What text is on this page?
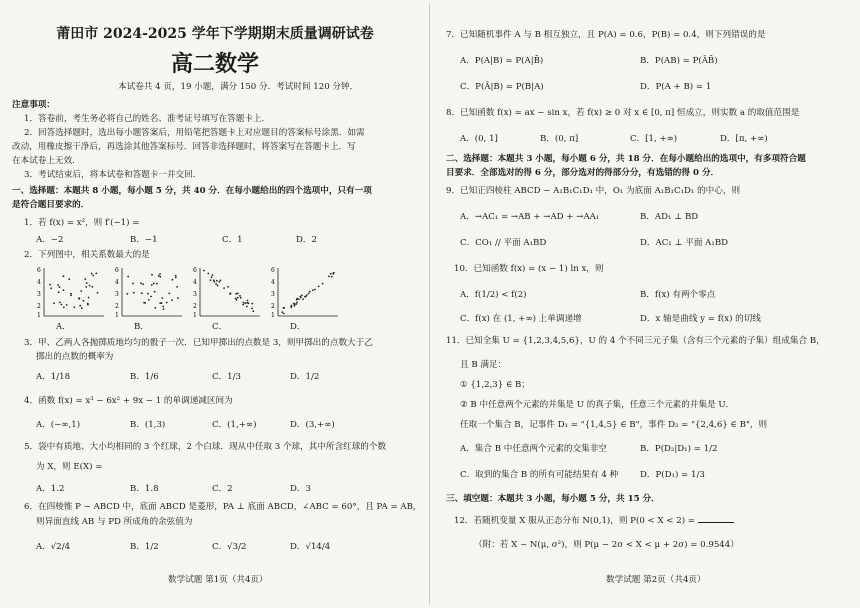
莆田市 2024-2025 学年下学期期末质量调研试卷
高二数学
本试卷共 4 页，19 小题，满分 150 分．考试时间 120 分钟．
注意事项：
1．答卷前，考生务必将自己的姓名、准考证号填写在答题卡上．
2．回答选择题时，选出每小题答案后，用铅笔把答题卡上对应题目的答案标号涂黑．如需
改动，用橡皮擦干净后，再选涂其他答案标号．回答非选择题时，将答案写在答题卡上．写
在本试卷上无效．
3．考试结束后，将本试卷和答题卡一并交回．
一、选择题：本题共 8 小题，每小题 5 分，共 40 分．在每小题给出的四个选项中，只有一项
是符合题目要求的．
1．若 f(x) = x²，则 f′(−1) =
A．−2	B．−1	C．1	D．2
2．下列图中，相关系数最大的是
6
4
3
2
1
6
4
3
2
1
6
4
3
2
1
6
4
3
2
1
A．	B．	C．	D．
3．甲、乙两人各抛掷质地均匀的骰子一次．已知甲掷出的点数是 3，则甲掷出的点数大于乙
掷出的点数的概率为
A．1/18	B．1/6	C．1/3	D．1/2
4．函数 f(x) = x³ − 6x² + 9x − 1 的单调递减区间为
A．(−∞,1)	B．(1,3)	C．(1,+∞)	D．(3,+∞)
5．袋中有质地、大小均相同的 3 个红球，2 个白球．现从中任取 3 个球，其中所含红球的个数
为 X，则 E(X) =
A．1.2	B．1.8	C．2	D．3
6．在四棱锥 P − ABCD 中，底面 ABCD 是菱形，PA ⊥ 底面 ABCD，∠ABC = 60°，且 PA = AB，
则异面直线 AB 与 PD 所成角的余弦值为
A．√2/4	B．1/2	C．√3/2	D．√14/4
数学试题 第1页（共4页）
7．已知随机事件 A 与 B 相互独立，且 P(A) = 0.6，P(B) = 0.4，则下列错误的是
A．P(A|B) = P(A|B̄)	B．P(AB) = P(ĀB̄)
C．P(Ā|B) = P(B|A)	D．P(A + B) = 1
8．已知函数 f(x) = ax − sin x，若 f(x) ≥ 0 对 x ∈ [0, π] 恒成立，则实数 a 的取值范围是
A．(0, 1]	B．(0, π]	C．[1, +∞)	D．[π, +∞)
二、选择题：本题共 3 小题，每小题 6 分，共 18 分．在每小题给出的选项中，有多项符合题
目要求．全部选对的得 6 分，部分选对的得部分分，有选错的得 0 分．
9．已知正四棱柱 ABCD − A₁B₁C₁D₁ 中，O₁ 为底面 A₁B₁C₁D₁ 的中心，则
A．→AC₁ = →AB + →AD + →AA₁	B．AD₁ ⊥ BD
C．CO₁ // 平面 A₁BD	D．AC₁ ⊥ 平面 A₁BD
10．已知函数 f(x) = (x − 1) ln x，则
A．f(1/2) < f(2)	B．f(x) 有两个零点
C．f(x) 在 (1, +∞) 上单调递增	D．x 轴是曲线 y = f(x) 的切线
11．已知全集 U = {1,2,3,4,5,6}，U 的 4 个不同三元子集（含有三个元素的子集）组成集合 B，
且 B 满足：
① {1,2,3} ∈ B；
② B 中任意两个元素的并集是 U 的真子集，任意三个元素的并集是 U．
任取一个集合 B，记事件 D₁ = "{1,4,5} ∈ B"，事件 D₂ = "{2,4,6} ∈ B"，则
A．集合 B 中任意两个元素的交集非空	B．P(D₂|D₁) = 1/2
C．取到的集合 B 的所有可能结果有 4 种	D．P(D₁) = 1/3
三、填空题：本题共 3 小题，每小题 5 分，共 15 分．
12．若随机变量 X 服从正态分布 N(0,1)，则 P(0 < X < 2) =
（附：若 X ~ N(μ, σ²)，则 P(μ − 2σ < X < μ + 2σ) = 0.9544）
数学试题 第2页（共4页）
